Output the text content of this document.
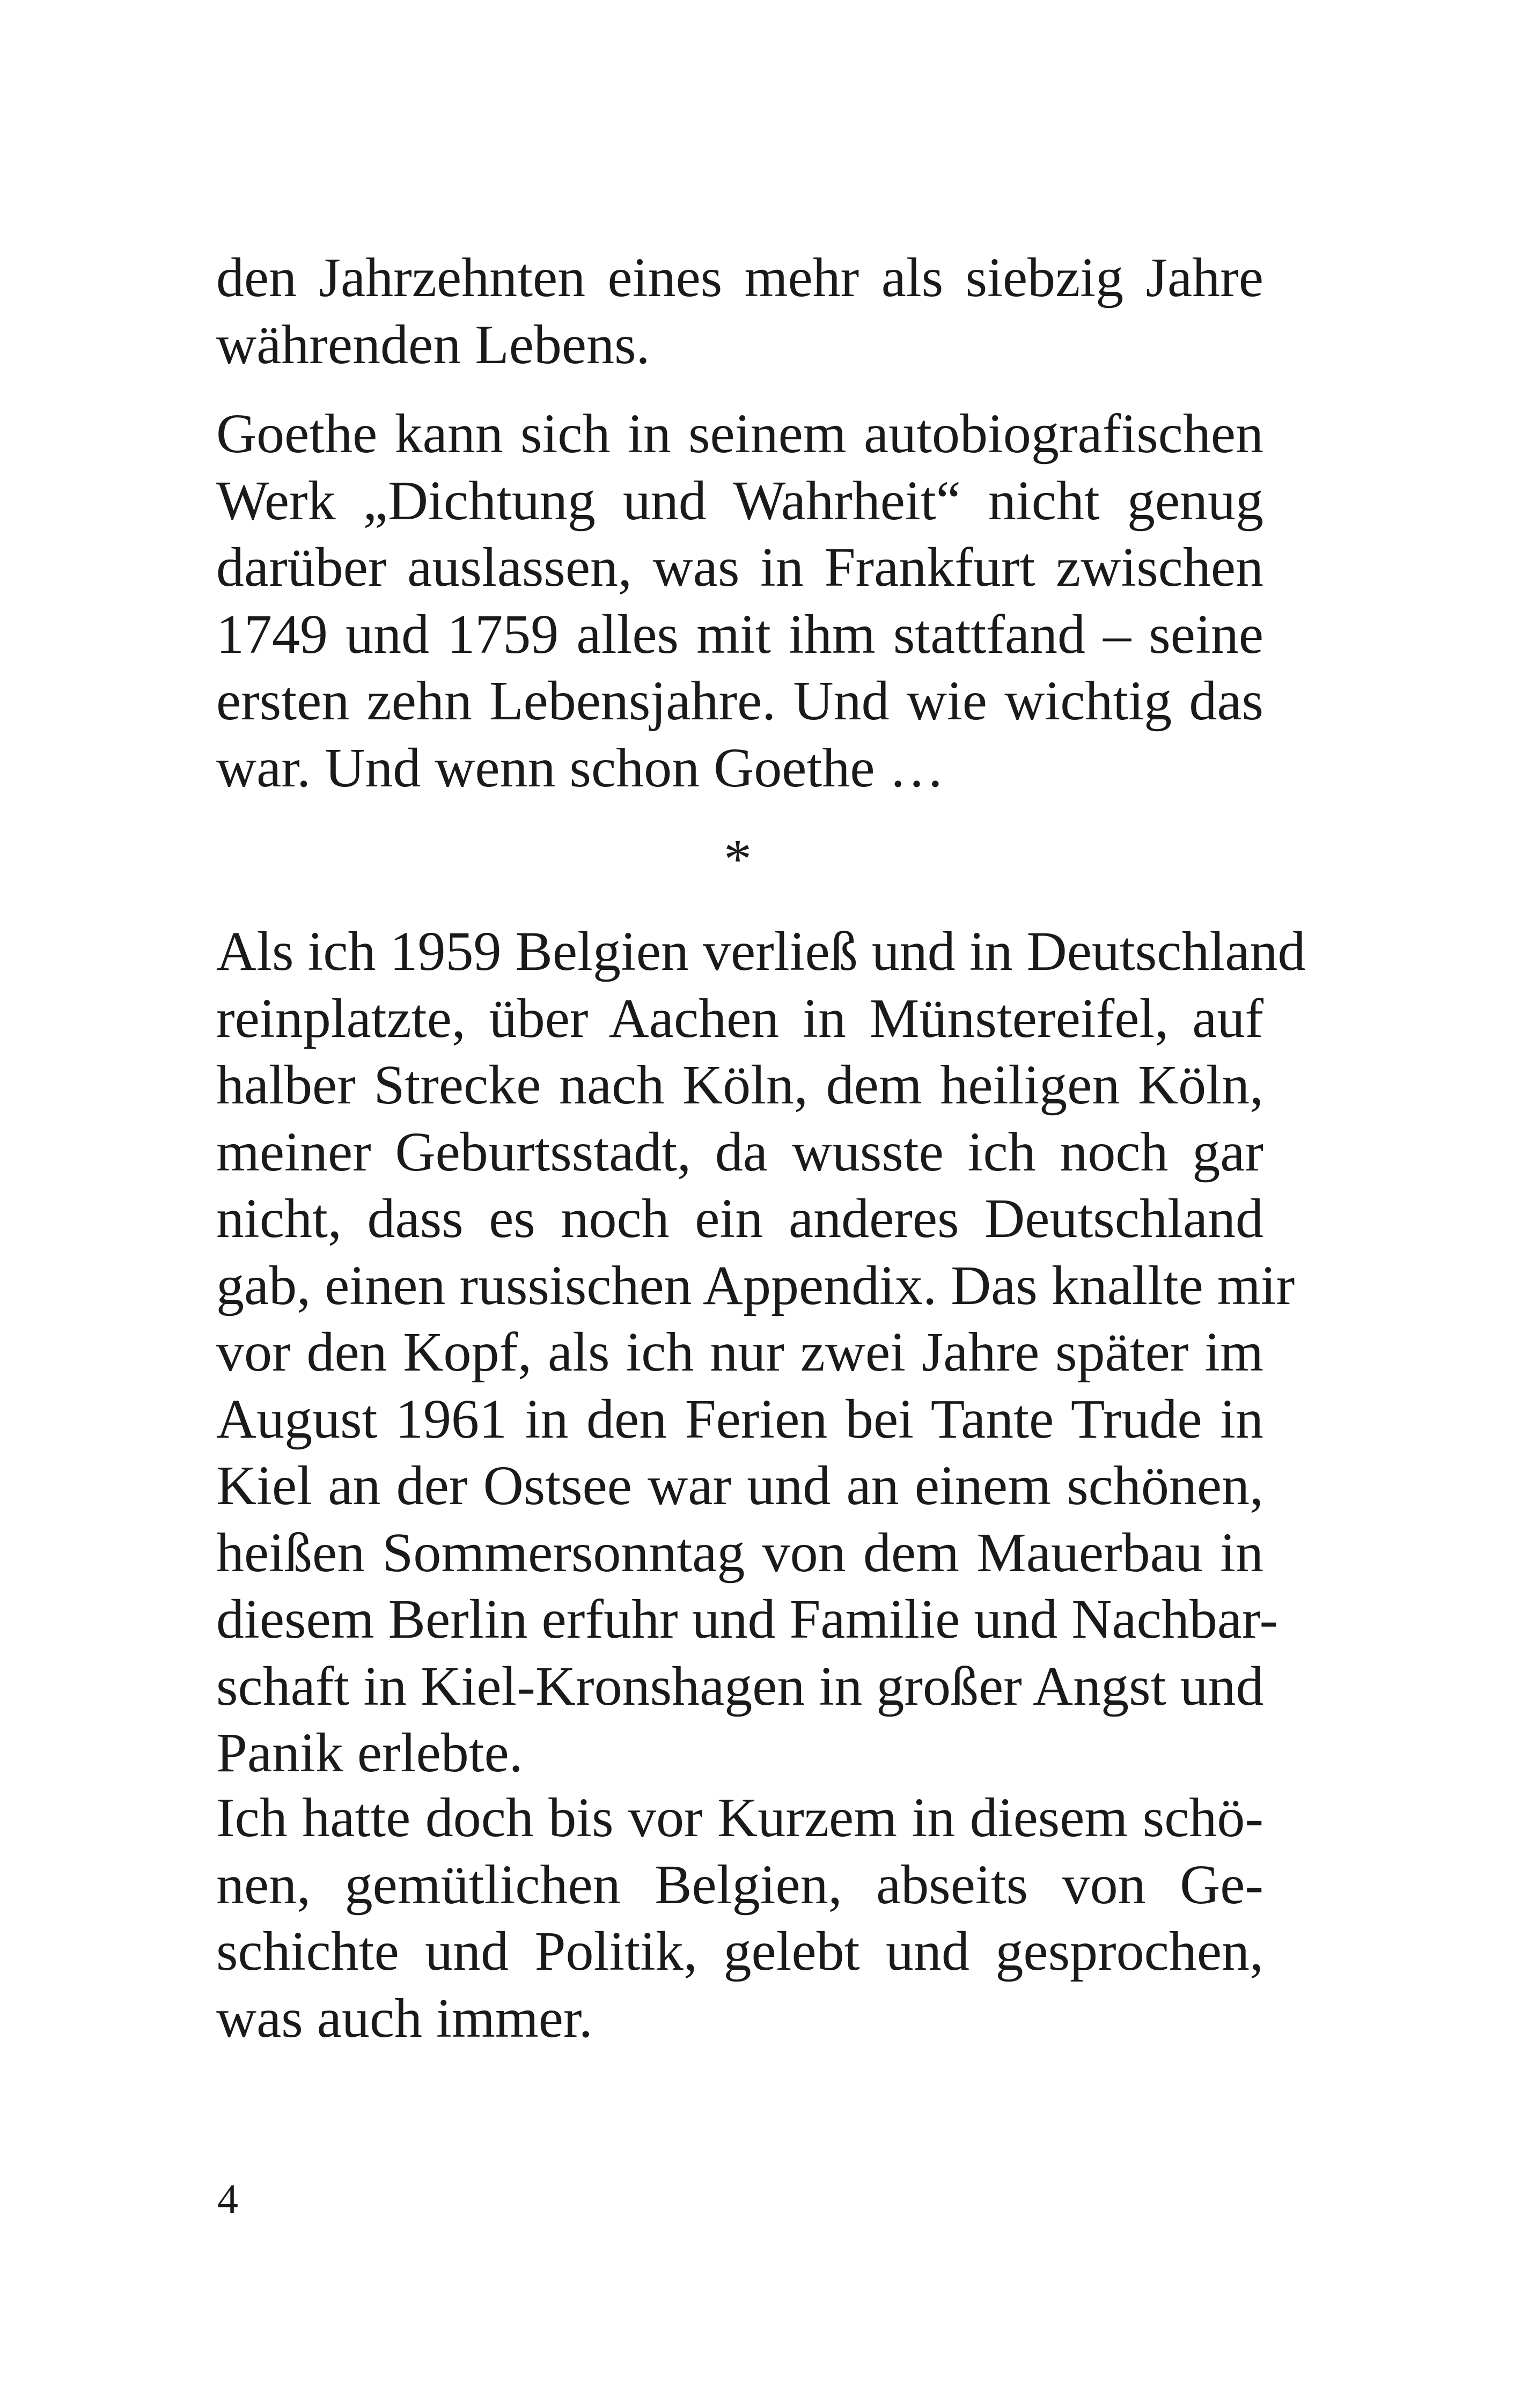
den Jahrzehnten eines mehr als siebzig Jahre
währenden Lebens.
Goethe kann sich in seinem autobiografischen
Werk „Dichtung und Wahrheit“ nicht genug
darüber auslassen, was in Frankfurt zwischen
1749 und 1759 alles mit ihm stattfand – seine
ersten zehn Lebensjahre. Und wie wichtig das
war. Und wenn schon Goethe …
*
Als ich 1959 Belgien verließ und in Deutschland
reinplatzte, über Aachen in Münstereifel, auf
halber Strecke nach Köln, dem heiligen Köln,
meiner Geburtsstadt, da wusste ich noch gar
nicht, dass es noch ein anderes Deutschland
gab, einen russischen Appendix. Das knallte mir
vor den Kopf, als ich nur zwei Jahre später im
August 1961 in den Ferien bei Tante Trude in
Kiel an der Ostsee war und an einem schönen,
heißen Sommersonntag von dem Mauerbau in
diesem Berlin erfuhr und Familie und Nachbar-
schaft in Kiel-Kronshagen in großer Angst und
Panik erlebte.
Ich hatte doch bis vor Kurzem in diesem schö-
nen, gemütlichen Belgien, abseits von Ge-
schichte und Politik, gelebt und gesprochen,
was auch immer.
4
